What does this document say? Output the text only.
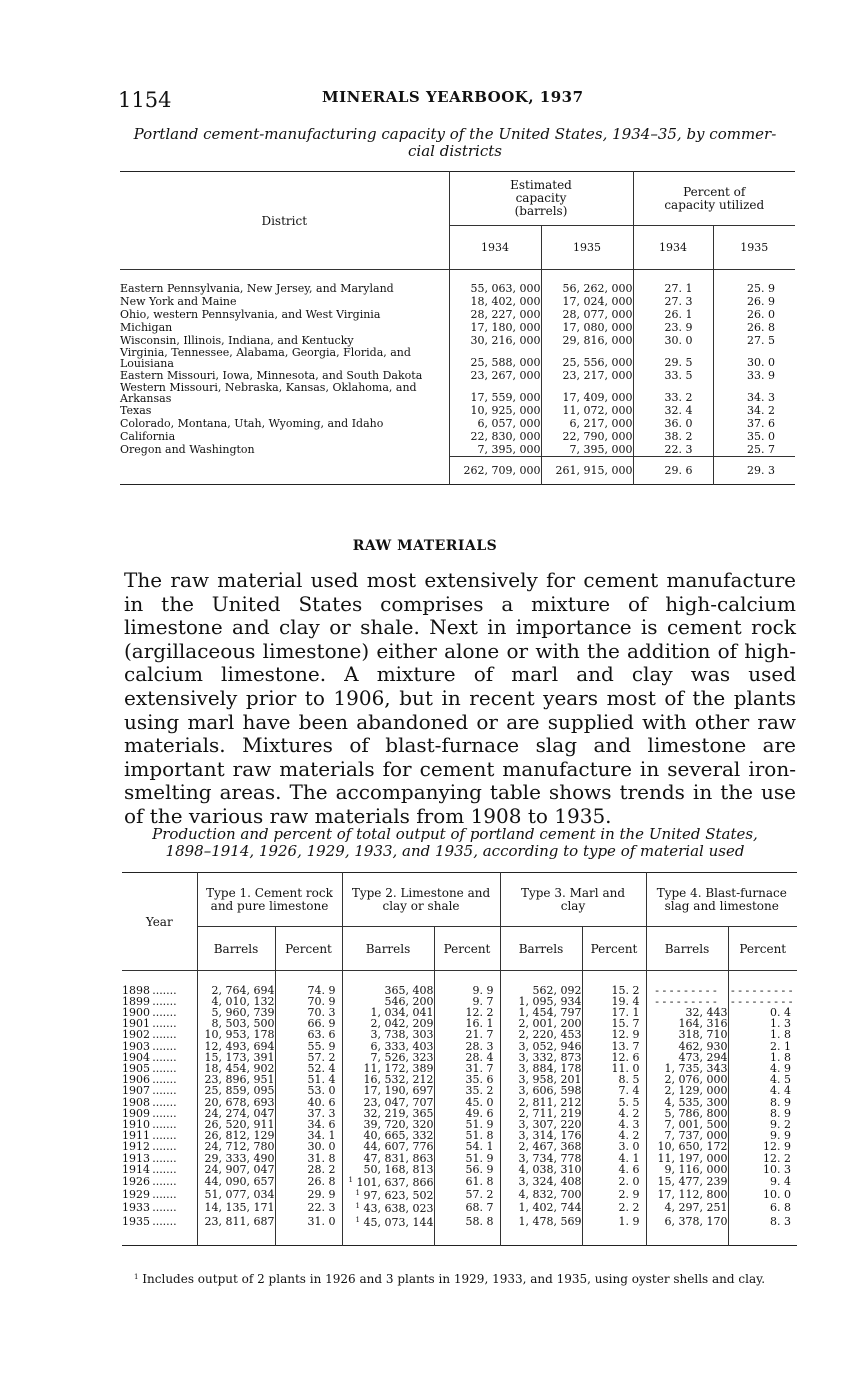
1154	MINERALS YEARBOOK, 1937
Portland cement-manufacturing capacity of the United States, 1934–35, by commer-
cial districts
District	Estimated capacity (barrels)		Percent of capacity utilized	
	1934	1935	1934	1935

Eastern Pennsylvania, New Jersey, and Maryland	55, 063, 000	56, 262, 000	27. 1	25. 9
New York and Maine	18, 402, 000	17, 024, 000	27. 3	26. 9
Ohio, western Pennsylvania, and West Virginia	28, 227, 000	28, 077, 000	26. 1	26. 0
Michigan	17, 180, 000	17, 080, 000	23. 9	26. 8
Wisconsin, Illinois, Indiana, and Kentucky	30, 216, 000	29, 816, 000	30. 0	27. 5
Virginia, Tennessee, Alabama, Georgia, Florida, and Louisiana	25, 588, 000	25, 556, 000	29. 5	30. 0
Eastern Missouri, Iowa, Minnesota, and South Dakota	23, 267, 000	23, 217, 000	33. 5	33. 9
Western Missouri, Nebraska, Kansas, Oklahoma, and Arkansas	17, 559, 000	17, 409, 000	33. 2	34. 3
Texas	10, 925, 000	11, 072, 000	32. 4	34. 2
Colorado, Montana, Utah, Wyoming, and Idaho	6, 057, 000	6, 217, 000	36. 0	37. 6
California	22, 830, 000	22, 790, 000	38. 2	35. 0
Oregon and Washington	7, 395, 000	7, 395, 000	22. 3	25. 7
	262, 709, 000	261, 915, 000	29. 6	29. 3
RAW MATERIALS
The raw material used most extensively for cement manufacture in the United States comprises a mixture of high-calcium limestone and clay or shale. Next in importance is cement rock (argillaceous limestone) either alone or with the addition of high-calcium limestone. A mixture of marl and clay was used extensively prior to 1906, but in recent years most of the plants using marl have been abandoned or are supplied with other raw materials. Mixtures of blast-furnace slag and limestone are important raw materials for cement manufacture in several iron-smelting areas. The accompanying table shows trends in the use of the various raw materials from 1908 to 1935.
Production and percent of total output of portland cement in the United States,
1898–1914, 1926, 1929, 1933, and 1935, according to type of material used
Year	Type 1. Cement rock and pure limestone		Type 2. Limestone and clay or shale		Type 3. Marl and clay		Type 4. Blast-furnace slag and limestone	
	Barrels	Percent	Barrels	Percent	Barrels	Percent	Barrels	Percent

1898 .......	2, 764, 694	74. 9	365, 408	9. 9	562, 092	15. 2	- - - - - - - - -	- - - - - - - - -
1899 .......	4, 010, 132	70. 9	546, 200	9. 7	1, 095, 934	19. 4	- - - - - - - - -	- - - - - - - - -
1900 .......	5, 960, 739	70. 3	1, 034, 041	12. 2	1, 454, 797	17. 1	32, 443	0. 4
1901 .......	8, 503, 500	66. 9	2, 042, 209	16. 1	2, 001, 200	15. 7	164, 316	1. 3
1902 .......	10, 953, 178	63. 6	3, 738, 303	21. 7	2, 220, 453	12. 9	318, 710	1. 8
1903 .......	12, 493, 694	55. 9	6, 333, 403	28. 3	3, 052, 946	13. 7	462, 930	2. 1
1904 .......	15, 173, 391	57. 2	7, 526, 323	28. 4	3, 332, 873	12. 6	473, 294	1. 8
1905 .......	18, 454, 902	52. 4	11, 172, 389	31. 7	3, 884, 178	11. 0	1, 735, 343	4. 9
1906 .......	23, 896, 951	51. 4	16, 532, 212	35. 6	3, 958, 201	8. 5	2, 076, 000	4. 5
1907 .......	25, 859, 095	53. 0	17, 190, 697	35. 2	3, 606, 598	7. 4	2, 129, 000	4. 4
1908 .......	20, 678, 693	40. 6	23, 047, 707	45. 0	2, 811, 212	5. 5	4, 535, 300	8. 9
1909 .......	24, 274, 047	37. 3	32, 219, 365	49. 6	2, 711, 219	4. 2	5, 786, 800	8. 9
1910 .......	26, 520, 911	34. 6	39, 720, 320	51. 9	3, 307, 220	4. 3	7, 001, 500	9. 2
1911 .......	26, 812, 129	34. 1	40, 665, 332	51. 8	3, 314, 176	4. 2	7, 737, 000	9. 9
1912 .......	24, 712, 780	30. 0	44, 607, 776	54. 1	2, 467, 368	3. 0	10, 650, 172	12. 9
1913 .......	29, 333, 490	31. 8	47, 831, 863	51. 9	3, 734, 778	4. 1	11, 197, 000	12. 2
1914 .......	24, 907, 047	28. 2	50, 168, 813	56. 9	4, 038, 310	4. 6	9, 116, 000	10. 3
1926 .......	44, 090, 657	26. 8	$^1$ 101, 637, 866	61. 8	3, 324, 408	2. 0	15, 477, 239	9. 4
1929 .......	51, 077, 034	29. 9	$^1$ 97, 623, 502	57. 2	4, 832, 700	2. 9	17, 112, 800	10. 0
1933 .......	14, 135, 171	22. 3	$^1$ 43, 638, 023	68. 7	1, 402, 744	2. 2	4, 297, 251	6. 8
1935 .......	23, 811, 687	31. 0	$^1$ 45, 073, 144	58. 8	1, 478, 569	1. 9	6, 378, 170	8. 3

$^1$ Includes output of 2 plants in 1926 and 3 plants in 1929, 1933, and 1935, using oyster shells and clay.
